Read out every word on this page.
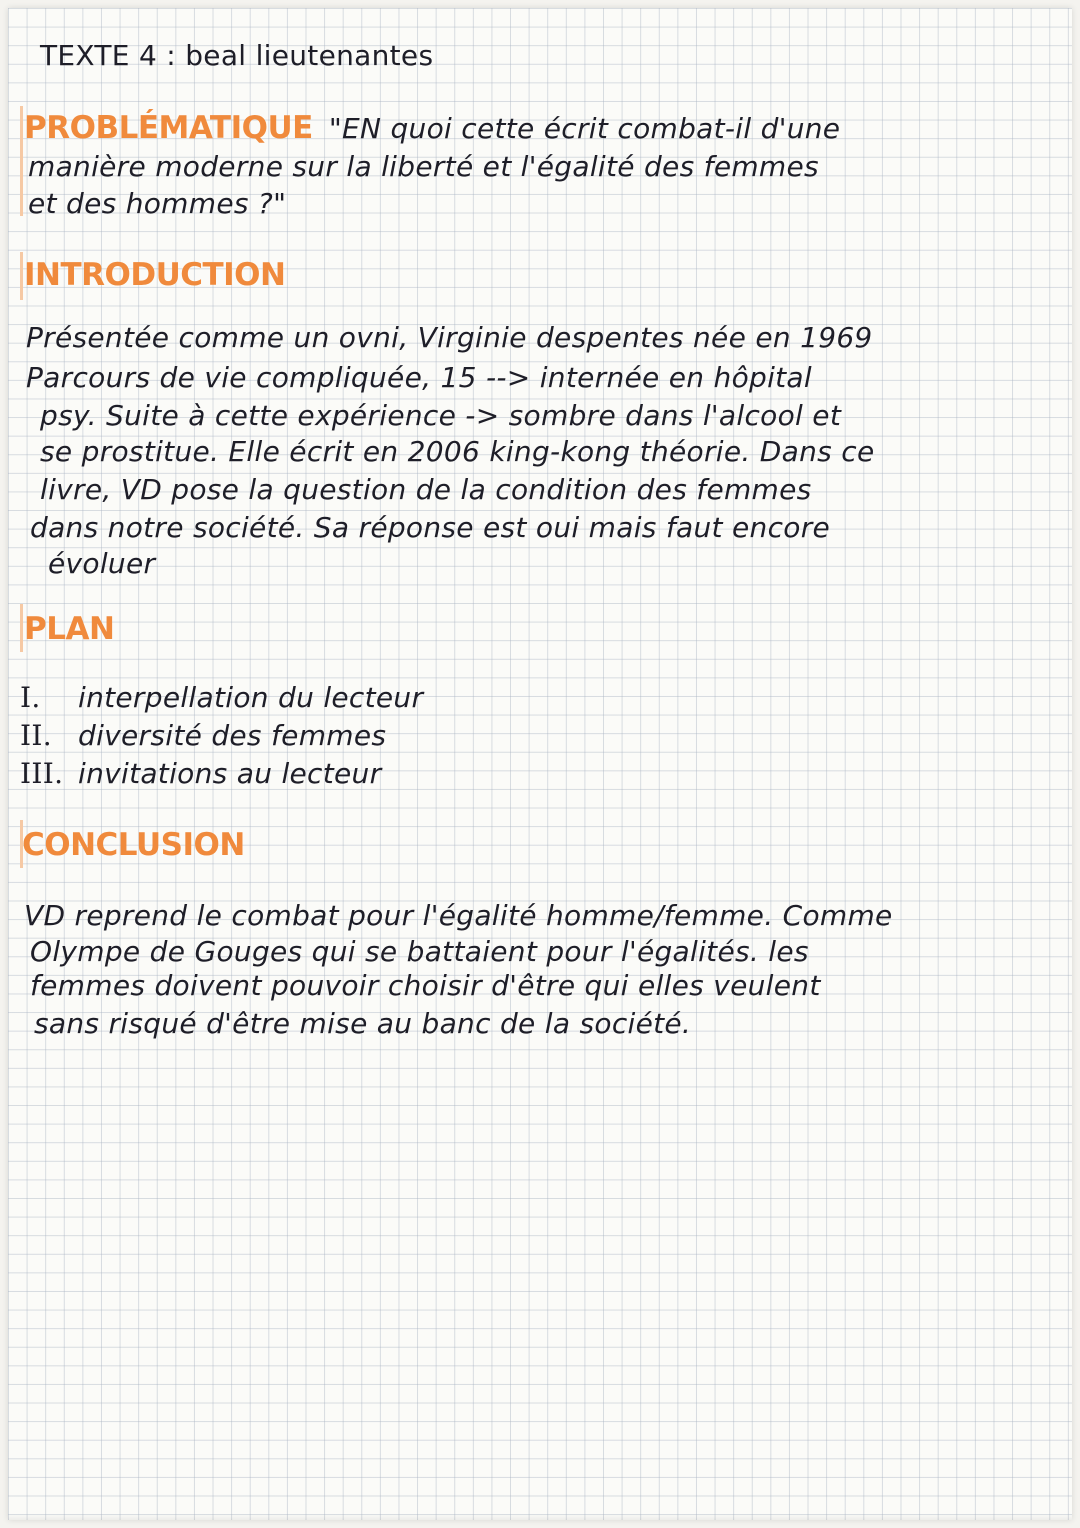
TEXTE 4 : beal lieutenantes
PROBLÉMATIQUE "EN quoi cette écrit combat-il d'une
manière moderne sur la liberté et l'égalité des femmes
et des hommes ?"
INTRODUCTION
Présentée comme un ovni, Virginie despentes née en 1969
Parcours de vie compliquée, 15 --> internée en hôpital
psy. Suite à cette expérience -> sombre dans l'alcool et
se prostitue. Elle écrit en 2006 king-kong théorie. Dans ce
livre, VD pose la question de la condition des femmes
dans notre société. Sa réponse est oui mais faut encore
évoluer
PLAN
I. interpellation du lecteur
II. diversité des femmes
III. invitations au lecteur
CONCLUSION
VD reprend le combat pour l'égalité homme/femme. Comme
Olympe de Gouges qui se battaient pour l'égalités. les
femmes doivent pouvoir choisir d'être qui elles veulent
sans risqué d'être mise au banc de la société.
